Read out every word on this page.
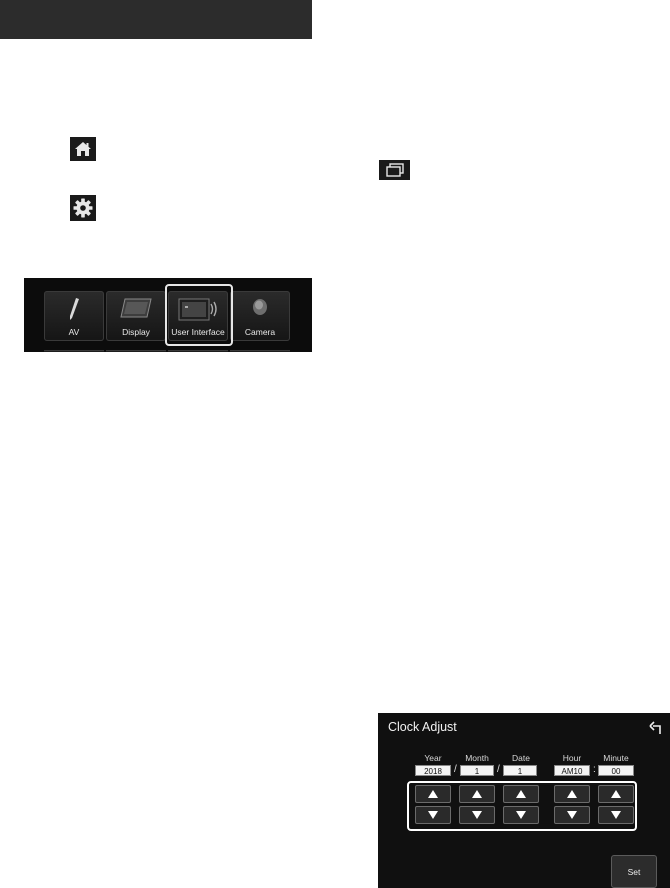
AV	Display	User Interface	Camera
Clock Adjust
Year	Month	Date	Hour	Minute
2018	/	1	/	1	AM10	:	00
Set
